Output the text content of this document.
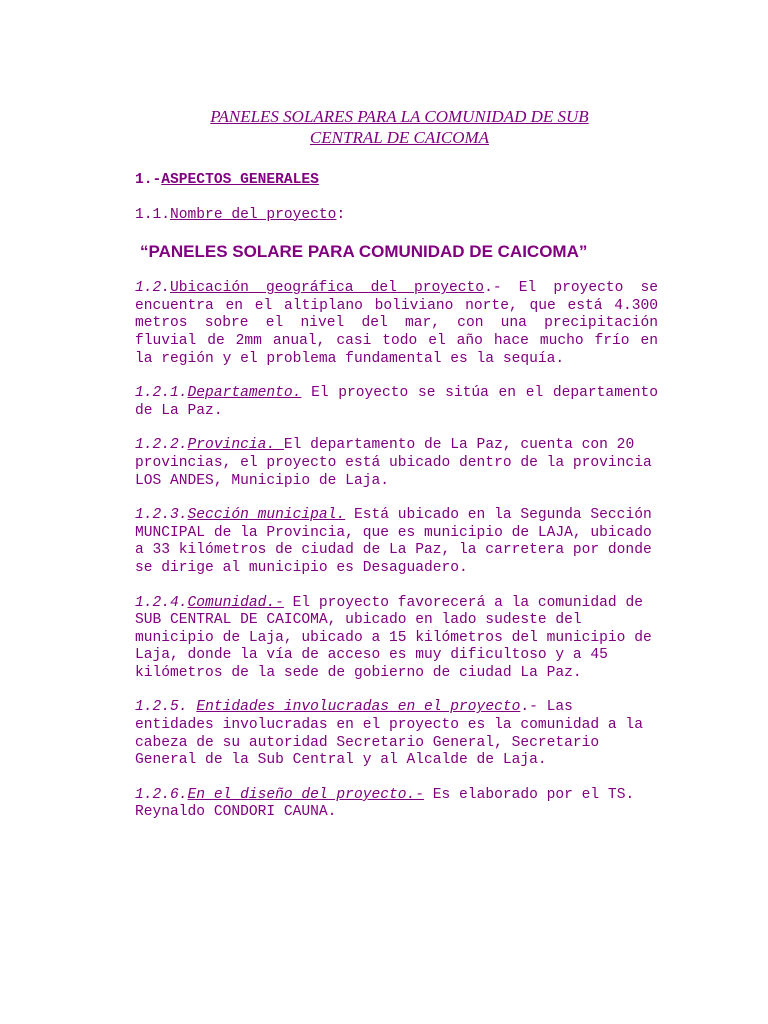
PANELES SOLARES PARA LA COMUNIDAD DE SUB
CENTRAL DE CAICOMA
1.-ASPECTOS GENERALES
1.1.Nombre del proyecto:
“PANELES SOLARE PARA COMUNIDAD DE CAICOMA”
1.2.Ubicación geográfica del proyecto.- El proyecto se encuentra en el altiplano boliviano norte, que está 4.300 metros sobre el nivel del mar, con una precipitación fluvial de 2mm anual, casi todo el año hace mucho frío en la región y el problema fundamental es la sequía.
1.2.1.Departamento. El proyecto se sitúa en el departamento de La Paz.
1.2.2.Provincia. El departamento de La Paz, cuenta con 20 provincias, el proyecto está ubicado dentro de la provincia LOS ANDES, Municipio de Laja.
1.2.3.Sección municipal. Está ubicado en la Segunda Sección MUNCIPAL de la Provincia, que es municipio de LAJA, ubicado a 33 kilómetros de ciudad de La Paz, la carretera por donde se dirige al municipio es Desaguadero.
1.2.4.Comunidad.- El proyecto favorecerá a la comunidad de SUB CENTRAL DE CAICOMA, ubicado en lado sudeste del municipio de Laja, ubicado a 15 kilómetros del municipio de Laja, donde la vía de acceso es muy dificultoso y a 45 kilómetros de la sede de gobierno de ciudad La Paz.
1.2.5. Entidades involucradas en el proyecto.- Las entidades involucradas en el proyecto es la comunidad a la cabeza de su autoridad Secretario General, Secretario General de la Sub Central y al Alcalde de Laja.
1.2.6.En el diseño del proyecto.- Es elaborado por el TS. Reynaldo CONDORI CAUNA.
